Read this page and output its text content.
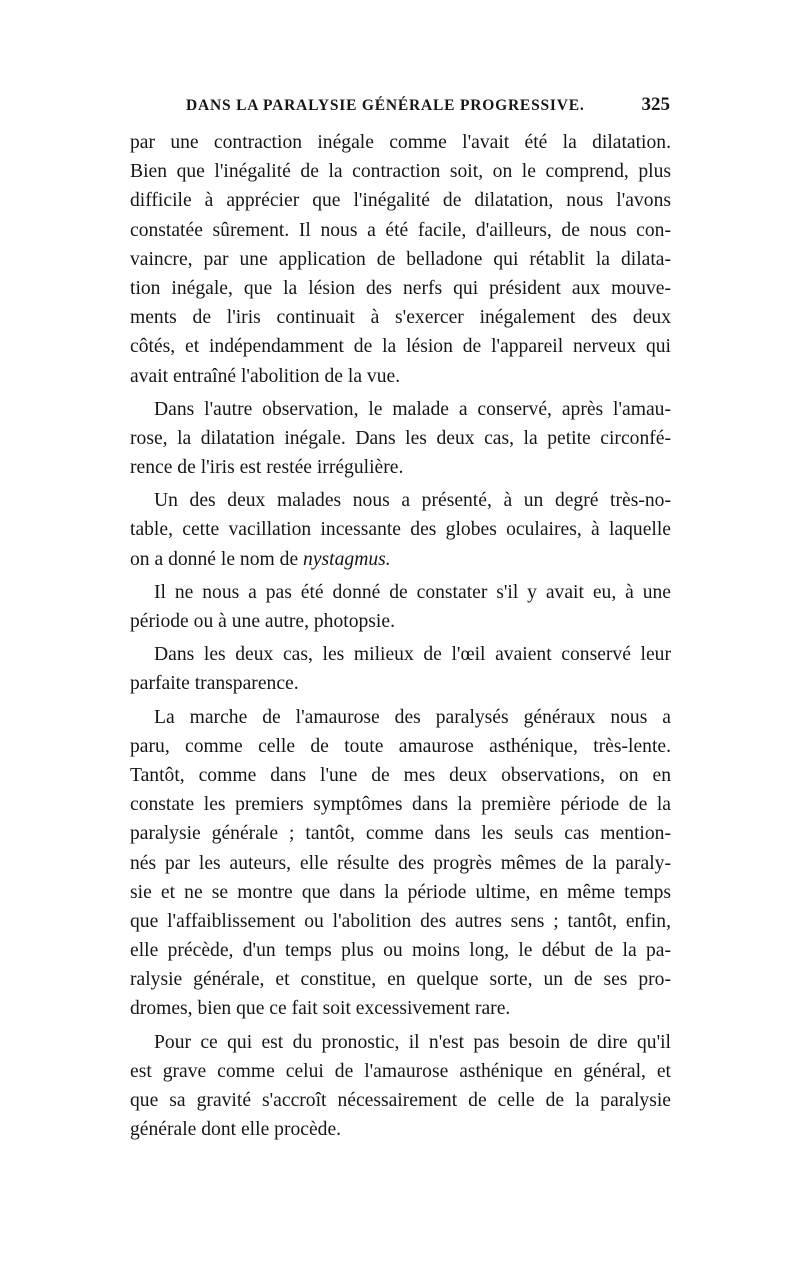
DANS LA PARALYSIE GÉNÉRALE PROGRESSIVE.	325
par une contraction inégale comme l'avait été la dilatation.
Bien que l'inégalité de la contraction soit, on le comprend, plus
difficile à apprécier que l'inégalité de dilatation, nous l'avons
constatée sûrement. Il nous a été facile, d'ailleurs, de nous con-
vaincre, par une application de belladone qui rétablit la dilata-
tion inégale, que la lésion des nerfs qui président aux mouve-
ments de l'iris continuait à s'exercer inégalement des deux
côtés, et indépendamment de la lésion de l'appareil nerveux qui
avait entraîné l'abolition de la vue.
Dans l'autre observation, le malade a conservé, après l'amau-
rose, la dilatation inégale. Dans les deux cas, la petite circonfé-
rence de l'iris est restée irrégulière.
Un des deux malades nous a présenté, à un degré très-no-
table, cette vacillation incessante des globes oculaires, à laquelle
on a donné le nom de nystagmus.
Il ne nous a pas été donné de constater s'il y avait eu, à une
période ou à une autre, photopsie.
Dans les deux cas, les milieux de l'œil avaient conservé leur
parfaite transparence.
La marche de l'amaurose des paralysés généraux nous a
paru, comme celle de toute amaurose asthénique, très-lente.
Tantôt, comme dans l'une de mes deux observations, on en
constate les premiers symptômes dans la première période de la
paralysie générale ; tantôt, comme dans les seuls cas mention-
nés par les auteurs, elle résulte des progrès mêmes de la paraly-
sie et ne se montre que dans la période ultime, en même temps
que l'affaiblissement ou l'abolition des autres sens ; tantôt, enfin,
elle précède, d'un temps plus ou moins long, le début de la pa-
ralysie générale, et constitue, en quelque sorte, un de ses pro-
dromes, bien que ce fait soit excessivement rare.
Pour ce qui est du pronostic, il n'est pas besoin de dire qu'il
est grave comme celui de l'amaurose asthénique en général, et
que sa gravité s'accroît nécessairement de celle de la paralysie
générale dont elle procède.
